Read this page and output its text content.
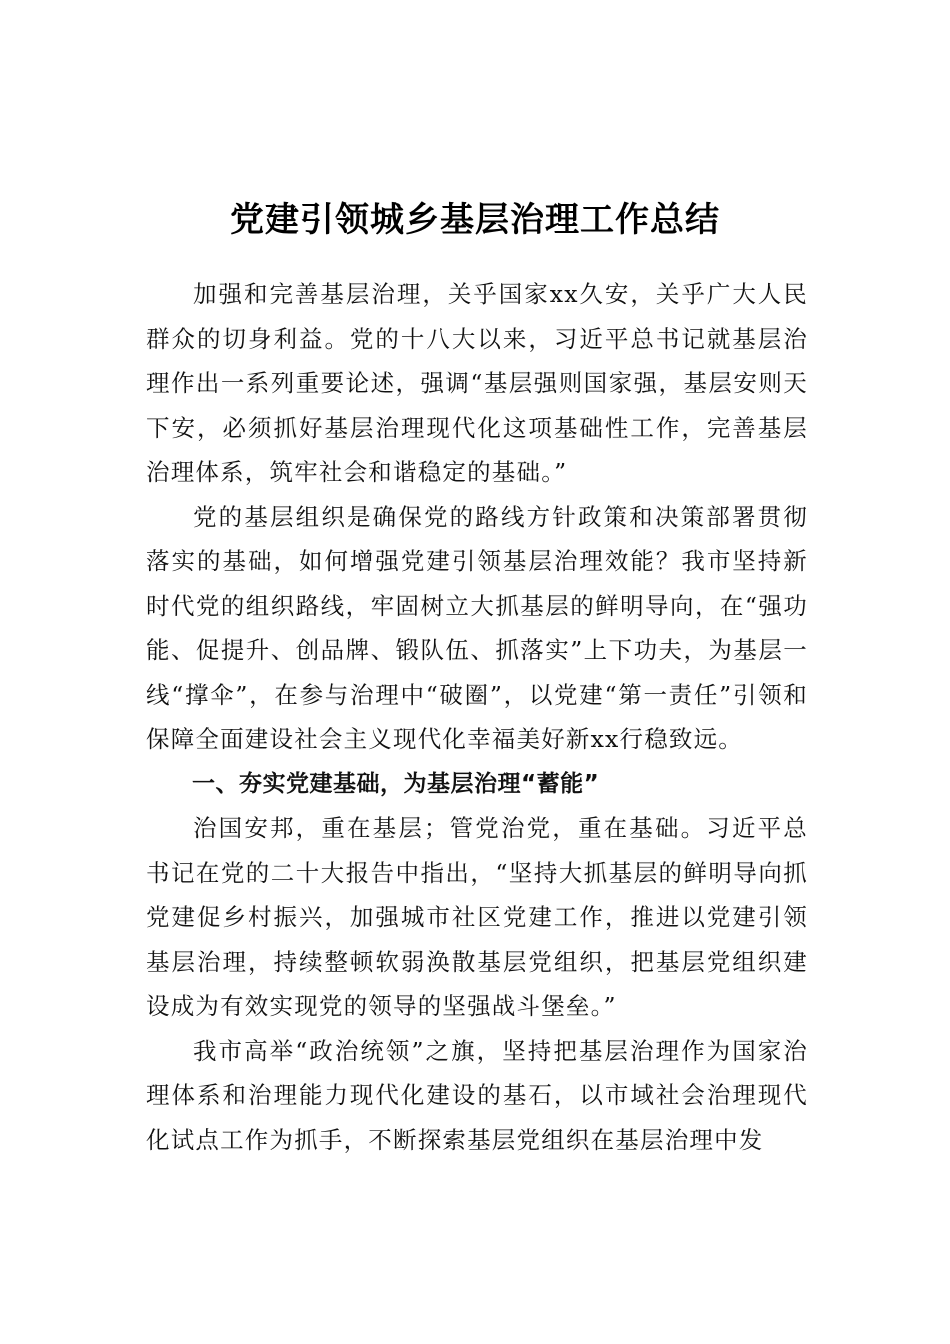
党建引领城乡基层治理工作总结

加强和完善基层治理，关乎国家xx久安，关乎广大人民群众的切身利益。党的十八大以来，习近平总书记就基层治理作出一系列重要论述，强调“基层强则国家强，基层安则天下安，必须抓好基层治理现代化这项基础性工作，完善基层治理体系，筑牢社会和谐稳定的基础。”

党的基层组织是确保党的路线方针政策和决策部署贯彻落实的基础，如何增强党建引领基层治理效能？我市坚持新时代党的组织路线，牢固树立大抓基层的鲜明导向，在“强功能、促提升、创品牌、锻队伍、抓落实”上下功夫，为基层一线“撑伞”，在参与治理中“破圈”，以党建“第一责任”引领和保障全面建设社会主义现代化幸福美好新xx行稳致远。

一、夯实党建基础，为基层治理“蓄能”

治国安邦，重在基层；管党治党，重在基础。习近平总书记在党的二十大报告中指出，“坚持大抓基层的鲜明导向抓党建促乡村振兴，加强城市社区党建工作，推进以党建引领基层治理，持续整顿软弱涣散基层党组织，把基层党组织建设成为有效实现党的领导的坚强战斗堡垒。”

我市高举“政治统领”之旗，坚持把基层治理作为国家治理体系和治理能力现代化建设的基石，以市域社会治理现代化试点工作为抓手，不断探索基层党组织在基层治理中发
